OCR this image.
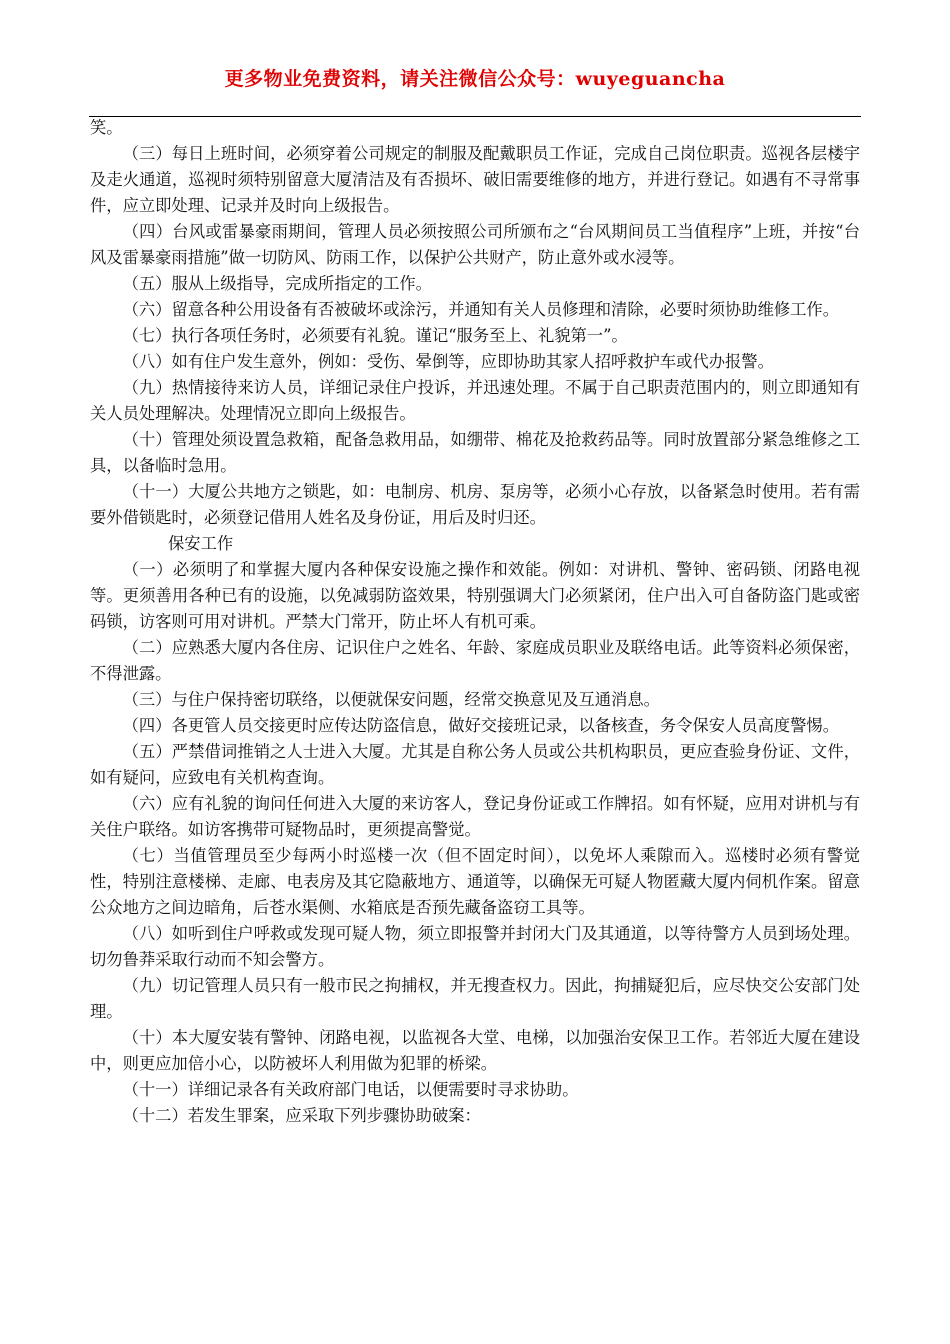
更多物业免费资料，请关注微信公众号：wuyeguancha

笑。

（三）每日上班时间，必须穿着公司规定的制服及配戴职员工作证，完成自己岗位职责。巡视各层楼宇及走火通道，巡视时须特别留意大厦清洁及有否损坏、破旧需要维修的地方，并进行登记。如遇有不寻常事件，应立即处理、记录并及时向上级报告。

（四）台风或雷暴豪雨期间，管理人员必须按照公司所颁布之“台风期间员工当值程序”上班，并按“台风及雷暴豪雨措施”做一切防风、防雨工作，以保护公共财产，防止意外或水浸等。

（五）服从上级指导，完成所指定的工作。

（六）留意各种公用设备有否被破坏或涂污，并通知有关人员修理和清除，必要时须协助维修工作。

（七）执行各项任务时，必须要有礼貌。谨记“服务至上、礼貌第一”。

（八）如有住户发生意外，例如：受伤、晕倒等，应即协助其家人招呼救护车或代办报警。

（九）热情接待来访人员，详细记录住户投诉，并迅速处理。不属于自己职责范围内的，则立即通知有关人员处理解决。处理情况立即向上级报告。

（十）管理处须设置急救箱，配备急救用品，如绷带、棉花及抢救药品等。同时放置部分紧急维修之工具，以备临时急用。

（十一）大厦公共地方之锁匙，如：电制房、机房、泵房等，必须小心存放，以备紧急时使用。若有需要外借锁匙时，必须登记借用人姓名及身份证，用后及时归还。

保安工作

（一）必须明了和掌握大厦内各种保安设施之操作和效能。例如：对讲机、警钟、密码锁、闭路电视等。更须善用各种已有的设施，以免减弱防盗效果，特别强调大门必须紧闭，住户出入可自备防盗门匙或密码锁，访客则可用对讲机。严禁大门常开，防止坏人有机可乘。

（二）应熟悉大厦内各住房、记识住户之姓名、年龄、家庭成员职业及联络电话。此等资料必须保密，不得泄露。

（三）与住户保持密切联络，以便就保安问题，经常交换意见及互通消息。

（四）各更管人员交接更时应传达防盗信息，做好交接班记录，以备核查，务令保安人员高度警惕。

（五）严禁借词推销之人士进入大厦。尤其是自称公务人员或公共机构职员，更应查验身份证、文件，如有疑问，应致电有关机构查询。

（六）应有礼貌的询问任何进入大厦的来访客人，登记身份证或工作牌招。如有怀疑，应用对讲机与有关住户联络。如访客携带可疑物品时，更须提高警觉。

（七）当值管理员至少每两小时巡楼一次（但不固定时间），以免坏人乘隙而入。巡楼时必须有警觉性，特别注意楼梯、走廊、电表房及其它隐蔽地方、通道等，以确保无可疑人物匿藏大厦内伺机作案。留意公众地方之间边暗角，后苍水渠侧、水箱底是否预先藏备盗窃工具等。

（八）如听到住户呼救或发现可疑人物，须立即报警并封闭大门及其通道，以等待警方人员到场处理。切勿鲁莽采取行动而不知会警方。

（九）切记管理人员只有一般市民之拘捕权，并无搜查权力。因此，拘捕疑犯后，应尽快交公安部门处理。

（十）本大厦安装有警钟、闭路电视，以监视各大堂、电梯，以加强治安保卫工作。若邻近大厦在建设中，则更应加倍小心，以防被坏人利用做为犯罪的桥梁。

（十一）详细记录各有关政府部门电话，以便需要时寻求协助。

（十二）若发生罪案，应采取下列步骤协助破案：
